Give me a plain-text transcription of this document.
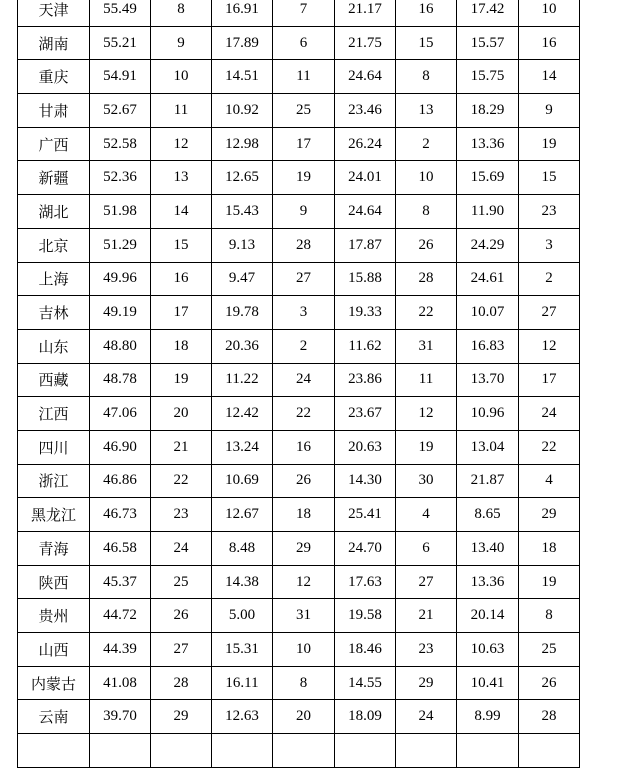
天津	55.49	8	16.91	7	21.17	16	17.42	10
湖南	55.21	9	17.89	6	21.75	15	15.57	16
重庆	54.91	10	14.51	11	24.64	8	15.75	14
甘肃	52.67	11	10.92	25	23.46	13	18.29	9
广西	52.58	12	12.98	17	26.24	2	13.36	19
新疆	52.36	13	12.65	19	24.01	10	15.69	15
湖北	51.98	14	15.43	9	24.64	8	11.90	23
北京	51.29	15	9.13	28	17.87	26	24.29	3
上海	49.96	16	9.47	27	15.88	28	24.61	2
吉林	49.19	17	19.78	3	19.33	22	10.07	27
山东	48.80	18	20.36	2	11.62	31	16.83	12
西藏	48.78	19	11.22	24	23.86	11	13.70	17
江西	47.06	20	12.42	22	23.67	12	10.96	24
四川	46.90	21	13.24	16	20.63	19	13.04	22
浙江	46.86	22	10.69	26	14.30	30	21.87	4
黑龙江	46.73	23	12.67	18	25.41	4	8.65	29
青海	46.58	24	8.48	29	24.70	6	13.40	18
陕西	45.37	25	14.38	12	17.63	27	13.36	19
贵州	44.72	26	5.00	31	19.58	21	20.14	8
山西	44.39	27	15.31	10	18.46	23	10.63	25
内蒙古	41.08	28	16.11	8	14.55	29	10.41	26
云南	39.70	29	12.63	20	18.09	24	8.99	28
